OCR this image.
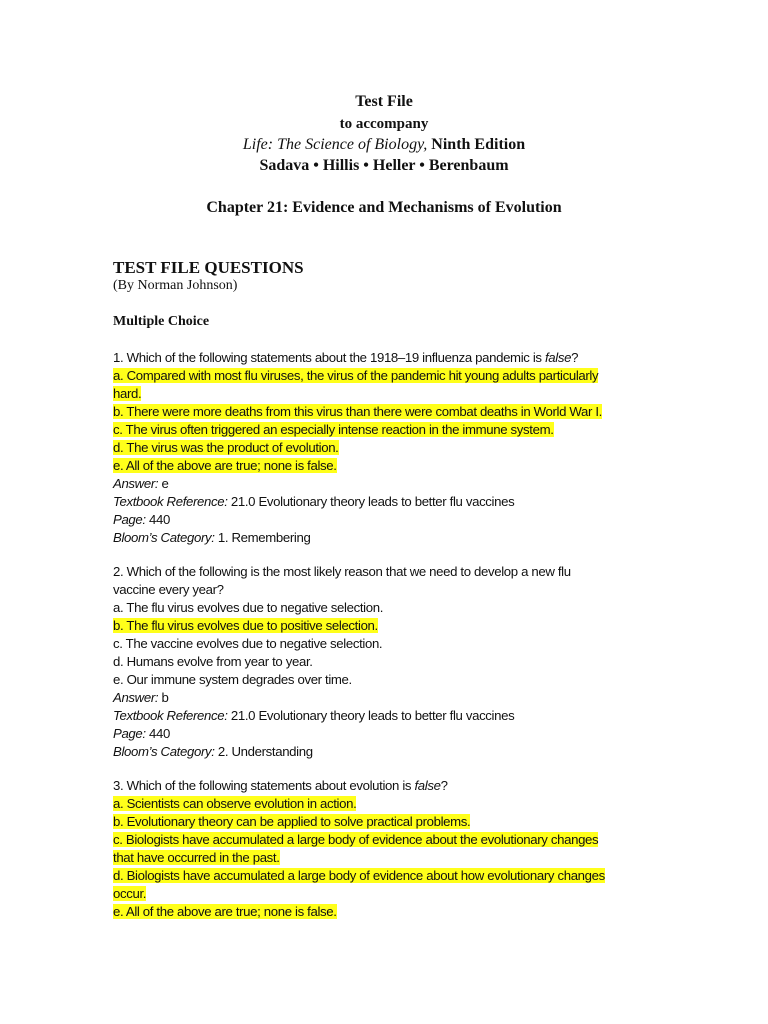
Test File
to accompany
Life: The Science of Biology, Ninth Edition
Sadava • Hillis • Heller • Berenbaum
Chapter 21: Evidence and Mechanisms of Evolution
TEST FILE QUESTIONS
(By Norman Johnson)
Multiple Choice
1. Which of the following statements about the 1918–19 influenza pandemic is false?
a. Compared with most flu viruses, the virus of the pandemic hit young adults particularly
hard.
b. There were more deaths from this virus than there were combat deaths in World War I.
c. The virus often triggered an especially intense reaction in the immune system.
d. The virus was the product of evolution.
e. All of the above are true; none is false.
Answer: e
Textbook Reference: 21.0 Evolutionary theory leads to better flu vaccines
Page: 440
Bloom’s Category: 1. Remembering
2. Which of the following is the most likely reason that we need to develop a new flu
vaccine every year?
a. The flu virus evolves due to negative selection.
b. The flu virus evolves due to positive selection.
c. The vaccine evolves due to negative selection.
d. Humans evolve from year to year.
e. Our immune system degrades over time.
Answer: b
Textbook Reference: 21.0 Evolutionary theory leads to better flu vaccines
Page: 440
Bloom’s Category: 2. Understanding
3. Which of the following statements about evolution is false?
a. Scientists can observe evolution in action.
b. Evolutionary theory can be applied to solve practical problems.
c. Biologists have accumulated a large body of evidence about the evolutionary changes
that have occurred in the past.
d. Biologists have accumulated a large body of evidence about how evolutionary changes
occur.
e. All of the above are true; none is false.
